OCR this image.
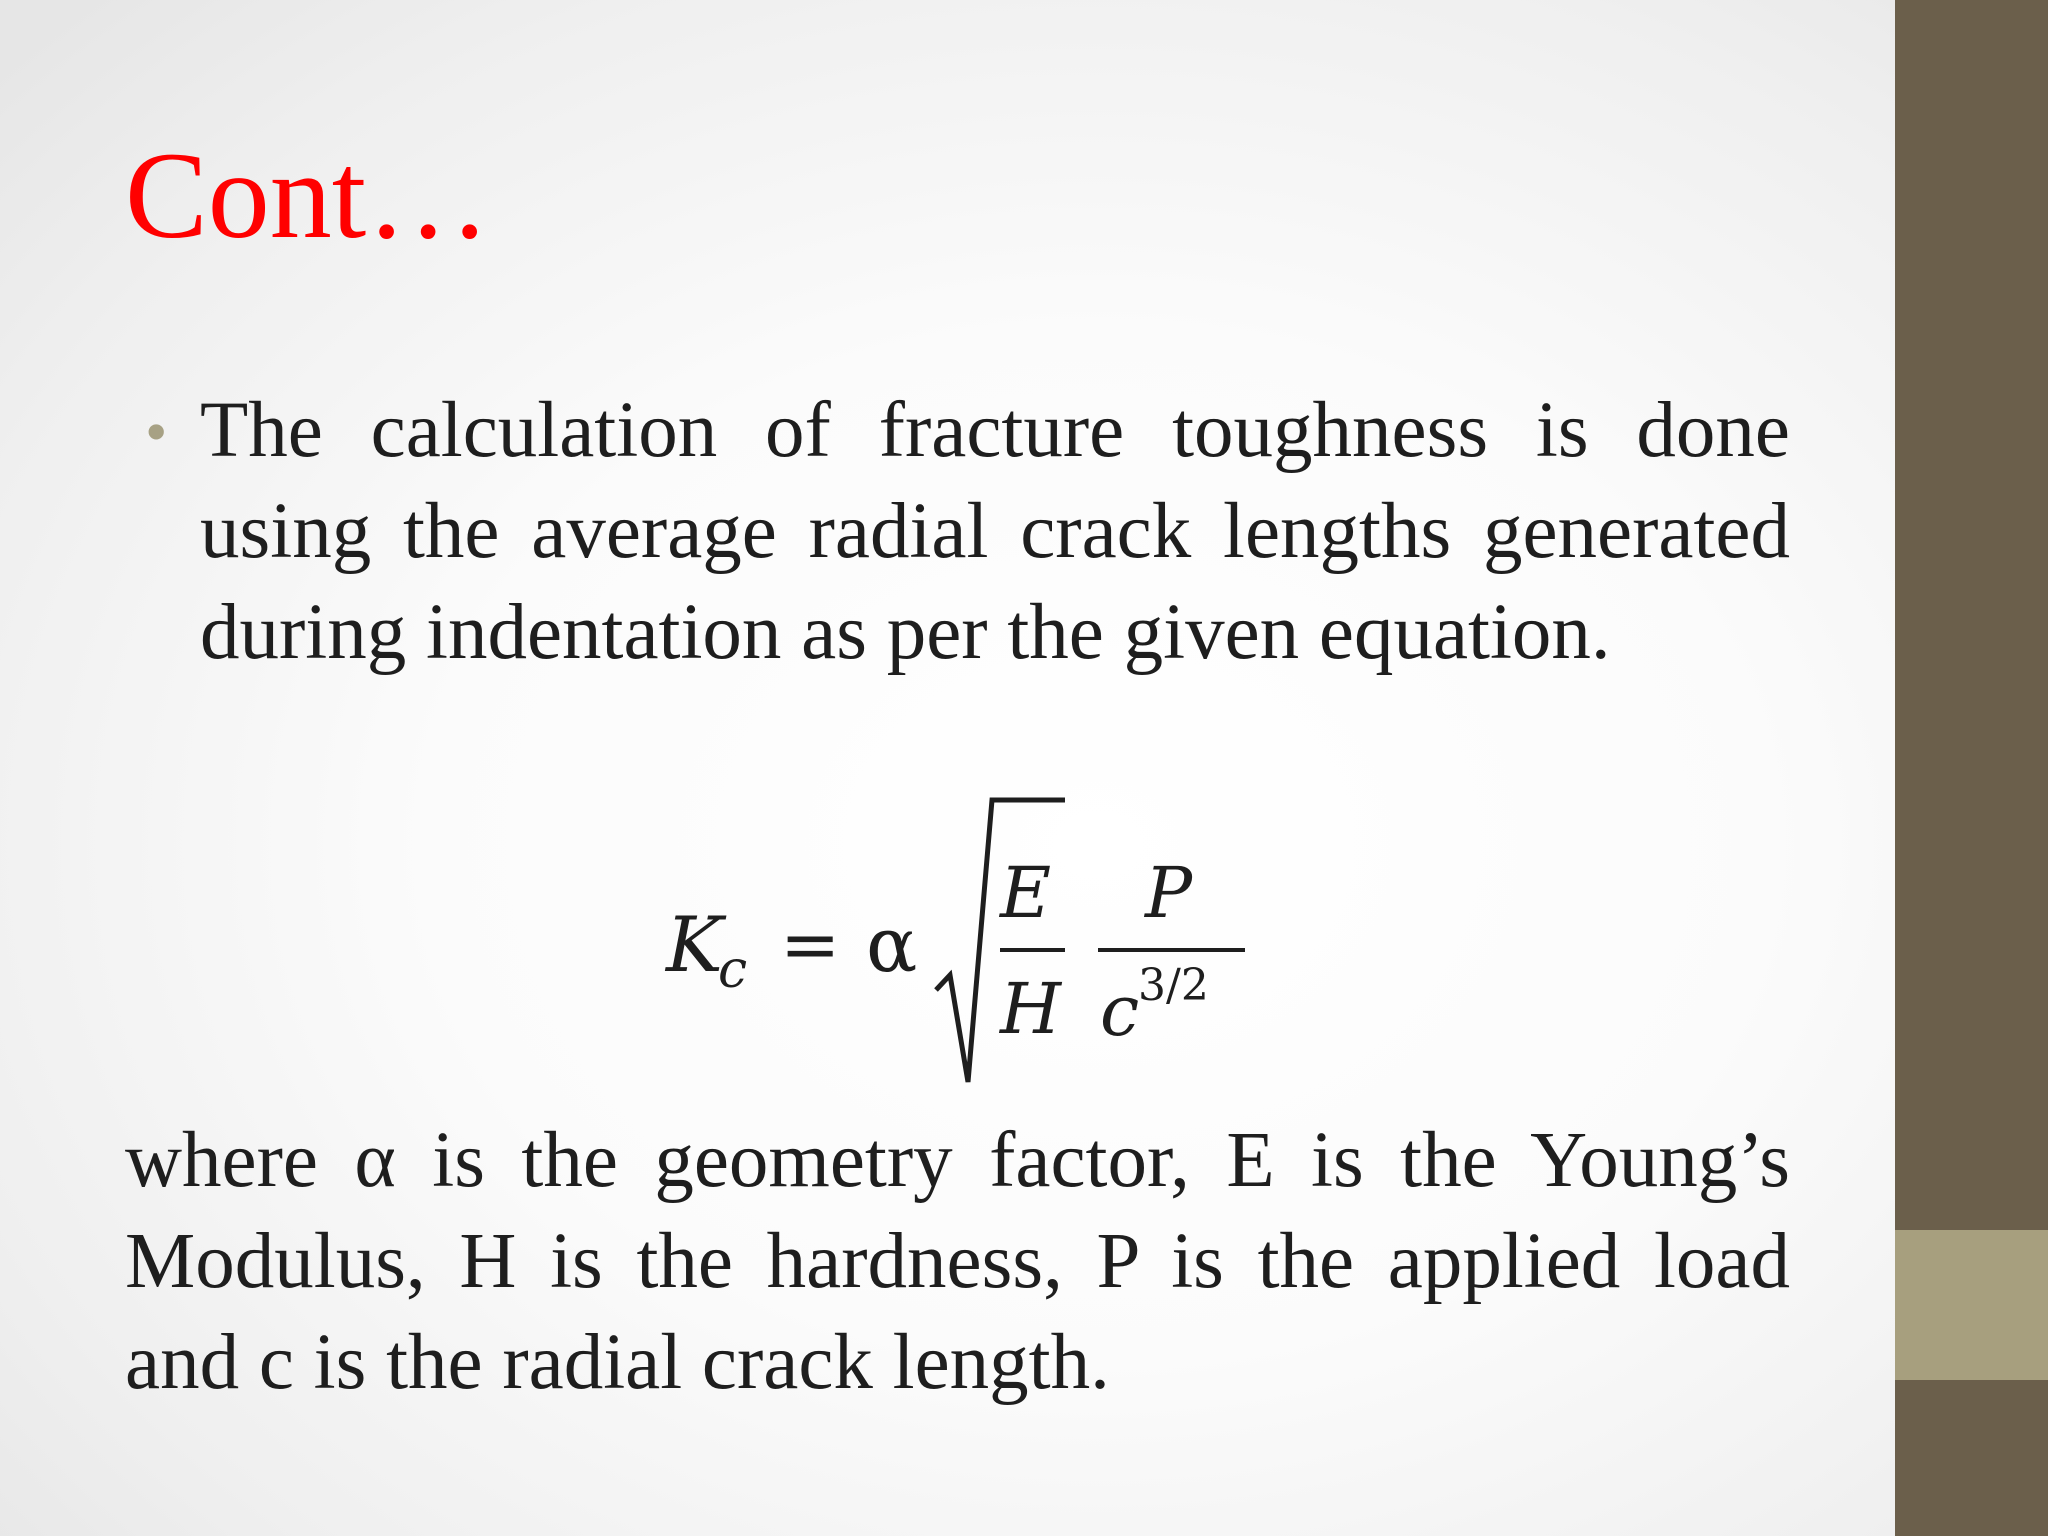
Cont…
• The calculation of fracture toughness is done using the average radial crack lengths generated during indentation as per the given equation.
K
c = α
E
H
P
c
3/2
where α is the geometry factor, E is the Young’s Modulus, H is the hardness, P is the applied load and c is the radial crack length.
